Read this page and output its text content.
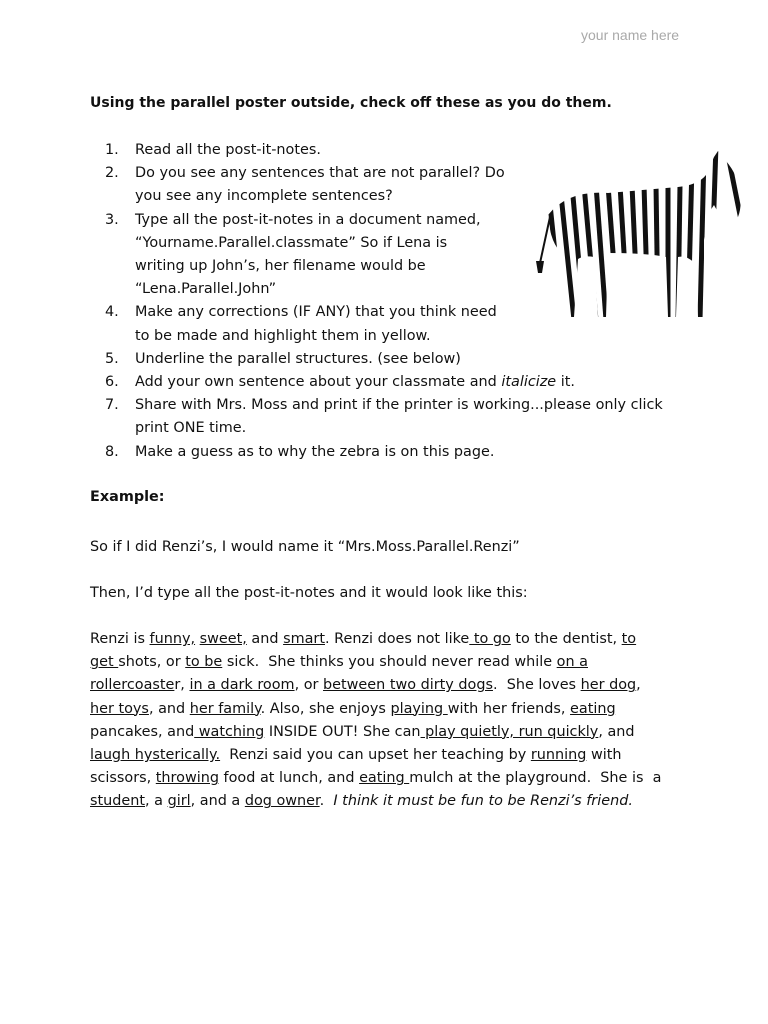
your name here
Using the parallel poster outside, check off these as you do them.
1.	Read all the post-it-notes.
2.	Do you see any sentences that are not parallel? Do
you see any incomplete sentences?
3.	Type all the post-it-notes in a document named,
“Yourname.Parallel.classmate” So if Lena is
writing up John’s, her filename would be
“Lena.Parallel.John”
4.	Make any corrections (IF ANY) that you think need
to be made and highlight them in yellow.
5.	Underline the parallel structures. (see below)
6.	Add your own sentence about your classmate and italicize it.
7.	Share with Mrs. Moss and print if the printer is working...please only click
print ONE time.
8.	Make a guess as to why the zebra is on this page.
Example:
So if I did Renzi’s, I would name it “Mrs.Moss.Parallel.Renzi”
Then, I’d type all the post-it-notes and it would look like this:
Renzi is funny, sweet, and smart. Renzi does not like to go to the dentist, to
get shots, or to be sick.  She thinks you should never read while on a
rollercoaster, in a dark room, or between two dirty dogs.  She loves her dog,
her toys, and her family. Also, she enjoys playing with her friends, eating
pancakes, and watching INSIDE OUT! She can play quietly, run quickly, and
laugh hysterically.  Renzi said you can upset her teaching by running with
scissors, throwing food at lunch, and eating mulch at the playground.  She is  a
student, a girl, and a dog owner.  I think it must be fun to be Renzi’s friend.
